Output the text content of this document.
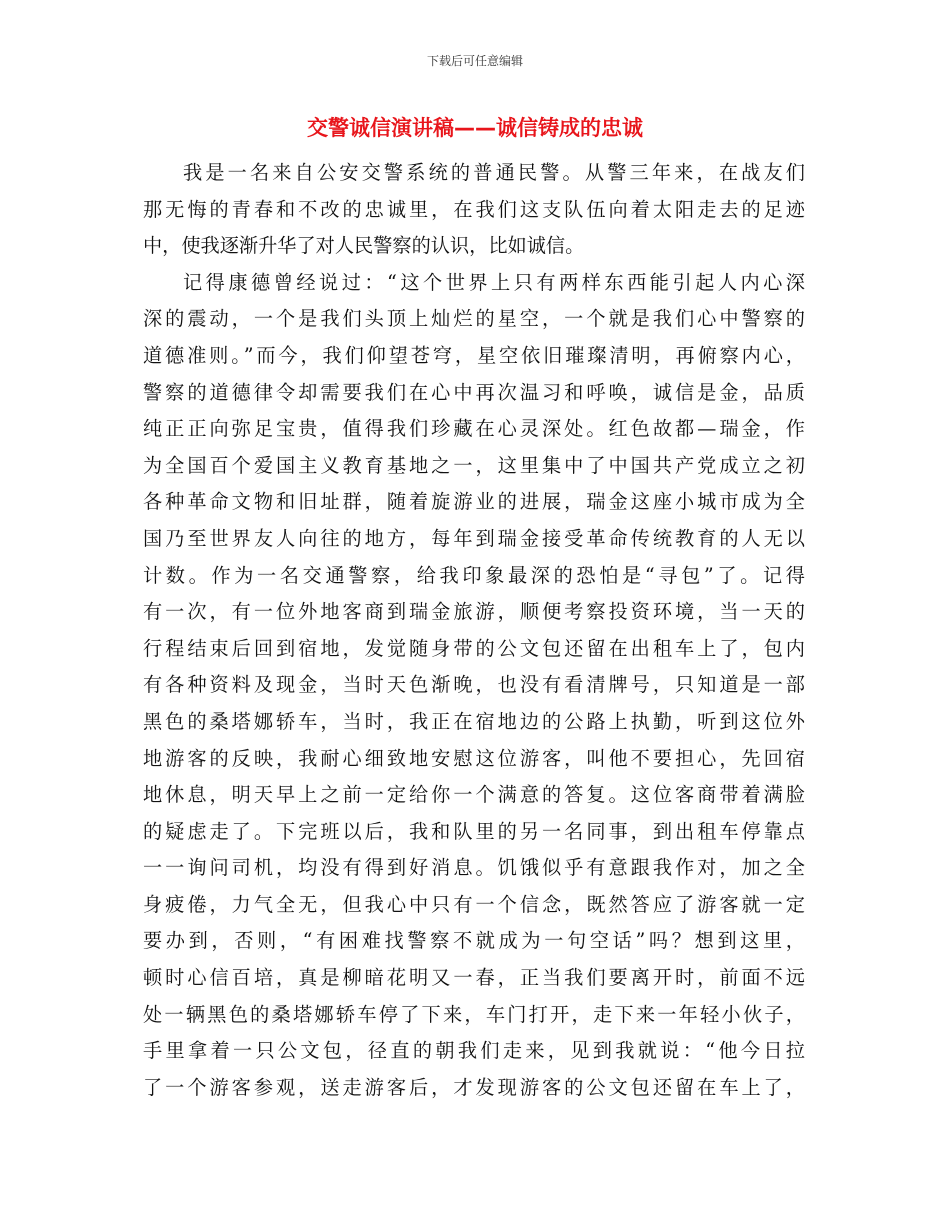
下载后可任意编辑
交警诚信演讲稿——诚信铸成的忠诚
我是一名来自公安交警系统的普通民警。从警三年来，在战友们
那无悔的青春和不改的忠诚里，在我们这支队伍向着太阳走去的足迹
中，使我逐渐升华了对人民警察的认识，比如诚信。
记得康德曾经说过：“这个世界上只有两样东西能引起人内心深
深的震动，一个是我们头顶上灿烂的星空，一个就是我们心中警察的
道德准则。”而今，我们仰望苍穹，星空依旧璀璨清明，再俯察内心，
警察的道德律令却需要我们在心中再次温习和呼唤，诚信是金，品质
纯正正向弥足宝贵，值得我们珍藏在心灵深处。红色故都—瑞金，作
为全国百个爱国主义教育基地之一，这里集中了中国共产党成立之初
各种革命文物和旧址群，随着旋游业的进展，瑞金这座小城市成为全
国乃至世界友人向往的地方，每年到瑞金接受革命传统教育的人无以
计数。作为一名交通警察，给我印象最深的恐怕是“寻包”了。记得
有一次，有一位外地客商到瑞金旅游，顺便考察投资环境，当一天的
行程结束后回到宿地，发觉随身带的公文包还留在出租车上了，包内
有各种资料及现金，当时天色渐晚，也没有看清牌号，只知道是一部
黑色的桑塔娜轿车，当时，我正在宿地边的公路上执勤，听到这位外
地游客的反映，我耐心细致地安慰这位游客，叫他不要担心，先回宿
地休息，明天早上之前一定给你一个满意的答复。这位客商带着满脸
的疑虑走了。下完班以后，我和队里的另一名同事，到出租车停靠点
一一询问司机，均没有得到好消息。饥饿似乎有意跟我作对，加之全
身疲倦，力气全无，但我心中只有一个信念，既然答应了游客就一定
要办到，否则，“有困难找警察不就成为一句空话”吗？想到这里，
顿时心信百培，真是柳暗花明又一春，正当我们要离开时，前面不远
处一辆黑色的桑塔娜轿车停了下来，车门打开，走下来一年轻小伙子，
手里拿着一只公文包，径直的朝我们走来，见到我就说：“他今日拉
了一个游客参观，送走游客后，才发现游客的公文包还留在车上了，
